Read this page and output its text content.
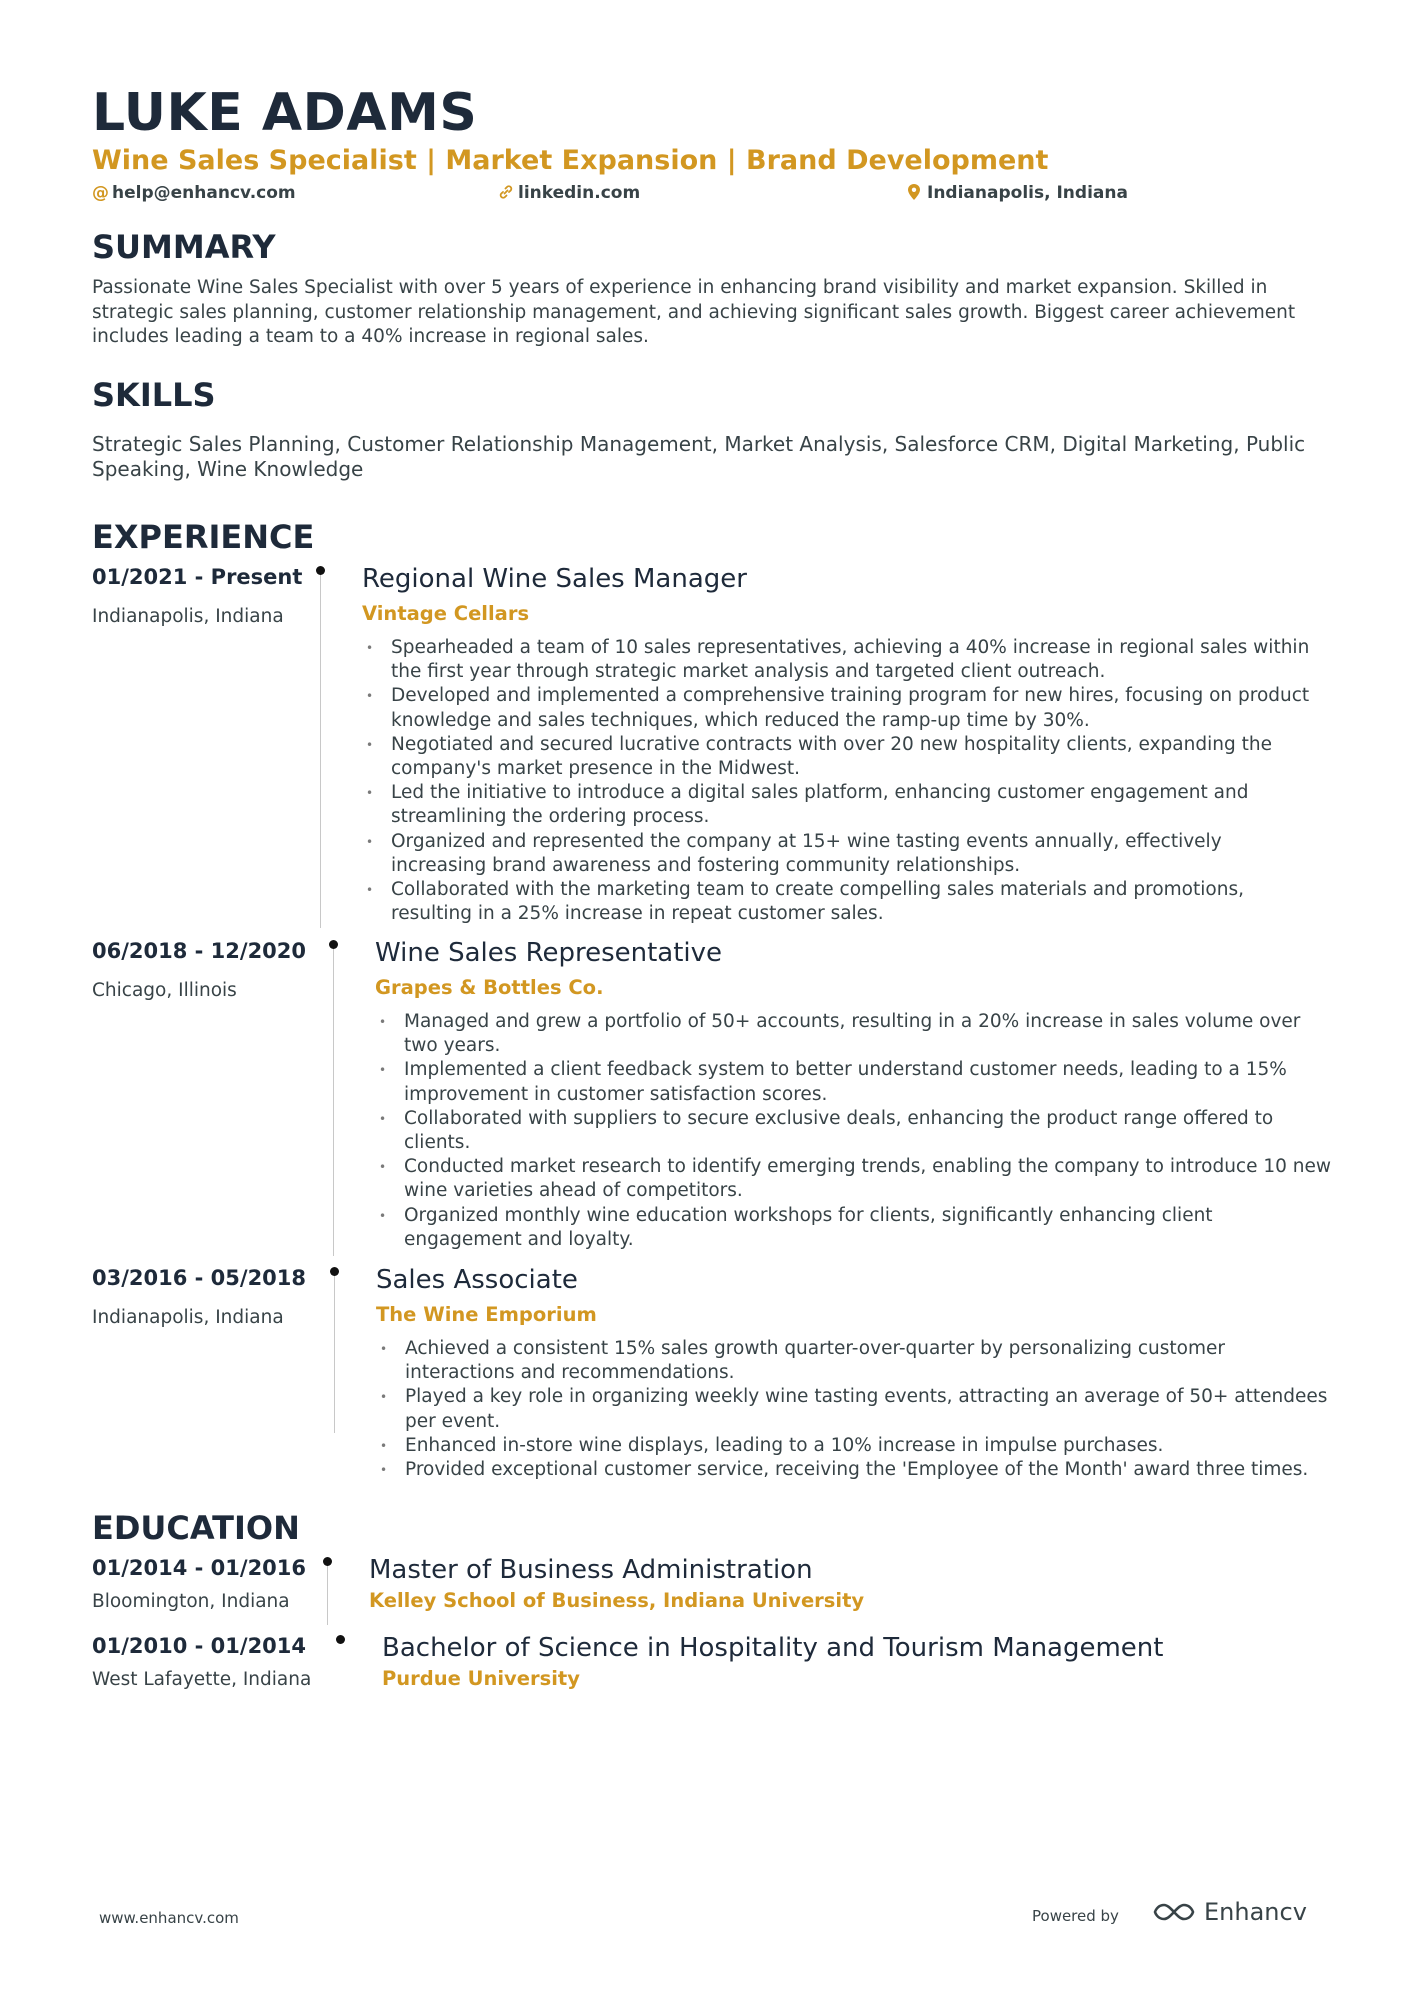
LUKE ADAMS
Wine Sales Specialist | Market Expansion | Brand Development
@ help@enhancv.com	linkedin.com	Indianapolis, Indiana
SUMMARY

Passionate Wine Sales Specialist with over 5 years of experience in enhancing brand visibility and market expansion. Skilled in strategic sales planning, customer relationship management, and achieving significant sales growth. Biggest career achievement includes leading a team to a 40% increase in regional sales.

SKILLS

Strategic Sales Planning, Customer Relationship Management, Market Analysis, Salesforce CRM, Digital Marketing, Public Speaking, Wine Knowledge

EXPERIENCE
01/2021 - Present
Indianapolis, Indiana
Regional Wine Sales Manager
Vintage Cellars
• Spearheaded a team of 10 sales representatives, achieving a 40% increase in regional sales within the first year through strategic market analysis and targeted client outreach.
• Developed and implemented a comprehensive training program for new hires, focusing on product knowledge and sales techniques, which reduced the ramp-up time by 30%.
• Negotiated and secured lucrative contracts with over 20 new hospitality clients, expanding the company's market presence in the Midwest.
• Led the initiative to introduce a digital sales platform, enhancing customer engagement and streamlining the ordering process.
• Organized and represented the company at 15+ wine tasting events annually, effectively increasing brand awareness and fostering community relationships.
• Collaborated with the marketing team to create compelling sales materials and promotions, resulting in a 25% increase in repeat customer sales.
06/2018 - 12/2020
Chicago, Illinois
Wine Sales Representative
Grapes & Bottles Co.
• Managed and grew a portfolio of 50+ accounts, resulting in a 20% increase in sales volume over two years.
• Implemented a client feedback system to better understand customer needs, leading to a 15% improvement in customer satisfaction scores.
• Collaborated with suppliers to secure exclusive deals, enhancing the product range offered to clients.
• Conducted market research to identify emerging trends, enabling the company to introduce 10 new wine varieties ahead of competitors.
• Organized monthly wine education workshops for clients, significantly enhancing client engagement and loyalty.
03/2016 - 05/2018
Indianapolis, Indiana
Sales Associate
The Wine Emporium
• Achieved a consistent 15% sales growth quarter-over-quarter by personalizing customer interactions and recommendations.
• Played a key role in organizing weekly wine tasting events, attracting an average of 50+ attendees per event.
• Enhanced in-store wine displays, leading to a 10% increase in impulse purchases.
• Provided exceptional customer service, receiving the 'Employee of the Month' award three times.
EDUCATION
01/2014 - 01/2016
Bloomington, Indiana
Master of Business Administration
Kelley School of Business, Indiana University
01/2010 - 01/2014
West Lafayette, Indiana
Bachelor of Science in Hospitality and Tourism Management
Purdue University
www.enhancv.com	Powered by	Enhancv
